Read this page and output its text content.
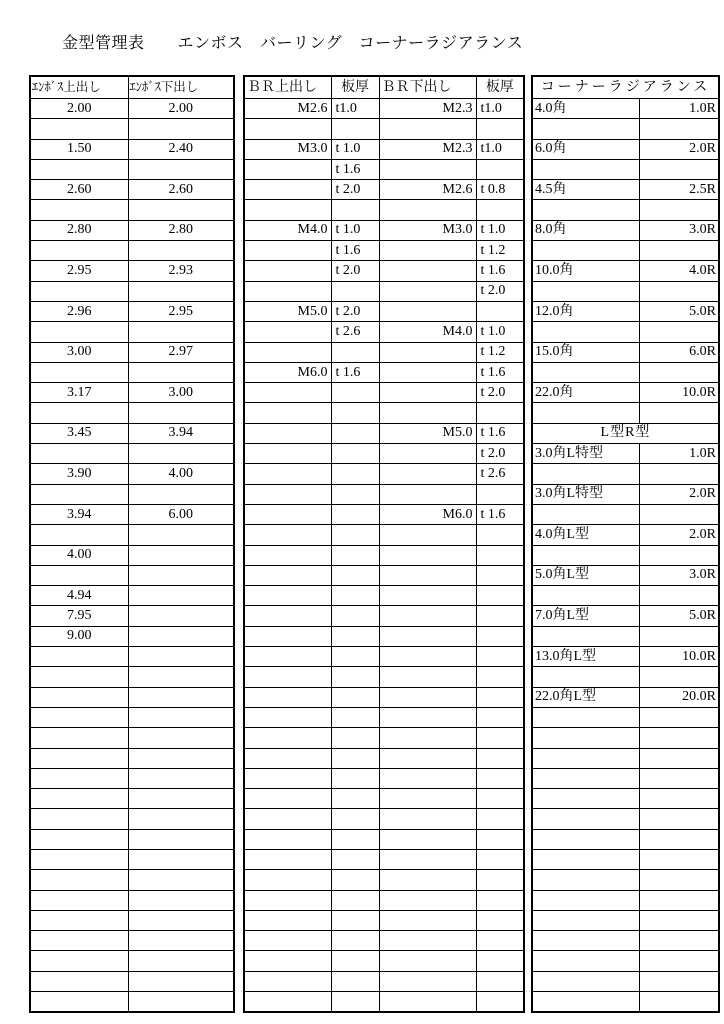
金型管理表　　エンボス　バーリング　コーナーラジアランス
ｴﾝﾎﾞｽ上出し	ｴﾝﾎﾞｽ下出し
2.00	2.00

1.50	2.40

2.60	2.60

2.80	2.80

2.95	2.93

2.96	2.95

3.00	2.97

3.17	3.00

3.45	3.94

3.90	4.00

3.94	6.00

4.00	

4.94	
7.95	
9.00	

ＢＲ上出し	板厚	ＢＲ下出し	板厚
M2.6	t1.0	M2.3	t1.0

M3.0	t 1.0	M2.3	t1.0
	t 1.6		
	t 2.0	M2.6	t 0.8

M4.0	t 1.0	M3.0	t 1.0
	t 1.6		t 1.2
	t 2.0		t 1.6
			t 2.0
M5.0	t 2.0		
	t 2.6	M4.0	t 1.0
			t 1.2
M6.0	t 1.6		t 1.6
			t 2.0

		M5.0	t 1.6
			t 2.0
			t 2.6

		M6.0	t 1.6

コーナーラジアランス	
4.0角	1.0R

6.0角	2.0R

4.5角	2.5R

8.0角	3.0R

10.0角	4.0R

12.0角	5.0R

15.0角	6.0R

22.0角	10.0R

L型R型	
3.0角L特型	1.0R

3.0角L特型	2.0R

4.0角L型	2.0R

5.0角L型	3.0R

7.0角L型	5.0R

13.0角L型	10.0R

22.0角L型	20.0R
